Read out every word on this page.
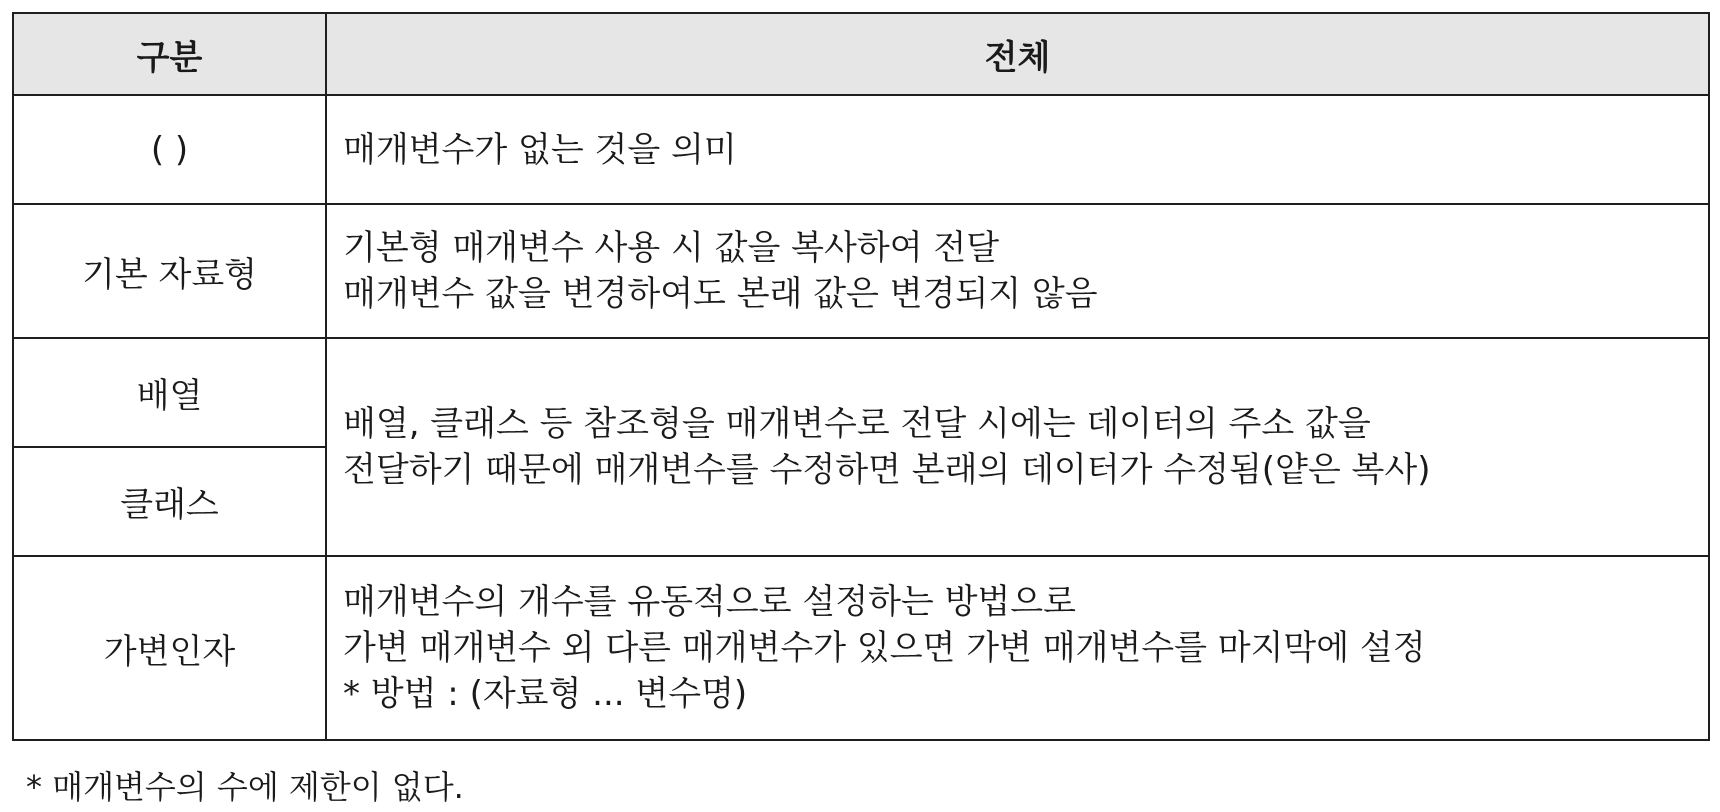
구분	전체
( )	매개변수가 없는 것을 의미

기본 자료형	기본형 매개변수 사용 시 값을 복사하여 전달
매개변수 값을 변경하여도 본래 값은 변경되지 않음

배열	배열, 클래스 등 참조형을 매개변수로 전달 시에는 데이터의 주소 값을
전달하기 때문에 매개변수를 수정하면 본래의 데이터가 수정됨(얕은 복사)

클래스	
가변인자	매개변수의 개수를 유동적으로 설정하는 방법으로
가변 매개변수 외 다른 매개변수가 있으면 가변 매개변수를 마지막에 설정
* 방법 : (자료형 ... 변수명)
* 매개변수의 수에 제한이 없다.
